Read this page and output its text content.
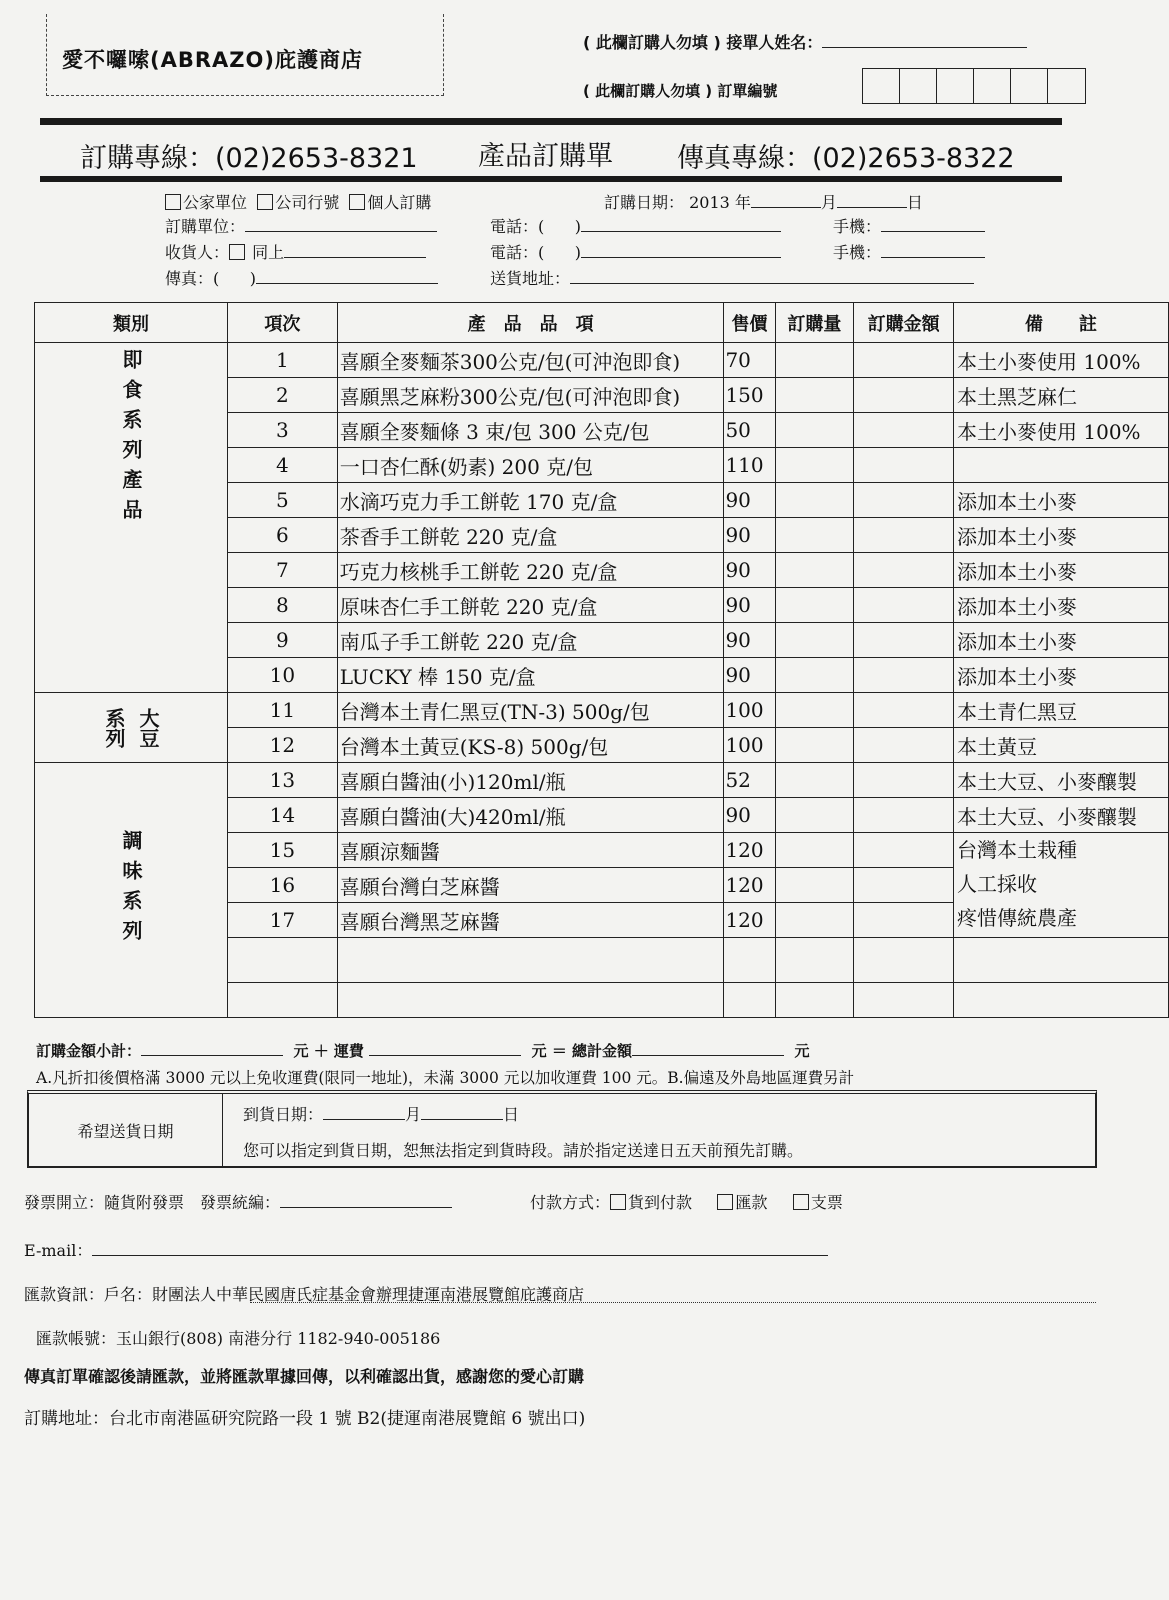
愛不囉嗦(ABRAZO)庇護商店
( 此欄訂購人勿填 ) 接單人姓名：
( 此欄訂購人勿填 ) 訂單編號
訂購專線：(02)2653-8321 產品訂購單 傳真專線：(02)2653-8322
公家單位 公司行號 個人訂購	訂購日期： 2013 年	月	日
訂購單位：	電話：( )	手機：
收貨人： 同上	電話：( )	手機：
傳真：( )	送貨地址：
類別	項次	產　品　品　項	售價	訂購量	訂購金額	備　　註

即食系列產品	1	喜願全麥麵茶300公克/包(可沖泡即食)	70			本土小麥使用 100%
	2	喜願黑芝麻粉300公克/包(可沖泡即食)	150			本土黑芝麻仁
	3	喜願全麥麵條 3 束/包 300 公克/包	50			本土小麥使用 100%
	4	一口杏仁酥(奶素) 200 克/包	110			
	5	水滴巧克力手工餅乾 170 克/盒	90			添加本土小麥
	6	茶香手工餅乾 220 克/盒	90			添加本土小麥
	7	巧克力核桃手工餅乾 220 克/盒	90			添加本土小麥
	8	原味杏仁手工餅乾 220 克/盒	90			添加本土小麥
	9	南瓜子手工餅乾 220 克/盒	90			添加本土小麥
	10	LUCKY 棒 150 克/盒	90			添加本土小麥

系列 大豆	11	台灣本土青仁黑豆(TN-3) 500g/包	100			本土青仁黑豆
	12	台灣本土黃豆(KS-8) 500g/包	100			本土黃豆

調味系列	13	喜願白醬油(小)120ml/瓶	52			本土大豆、小麥釀製
	14	喜願白醬油(大)420ml/瓶	90			本土大豆、小麥釀製
	15	喜願涼麵醬	120			台灣本土栽種
人工採收
疼惜傳統農產

	16	喜願台灣白芝麻醬	120			
	17	喜願台灣黑芝麻醬	120			

訂購金額小計：	元 ＋ 運費	元 ＝ 總計金額	元
A.凡折扣後價格滿 3000 元以上免收運費(限同一地址)，未滿 3000 元以加收運費 100 元。B.偏遠及外島地區運費另計
希望送貨日期
到貨日期：	月	日
您可以指定到貨日期，恕無法指定到貨時段。請於指定送達日五天前預先訂購。
發票開立：隨貨附發票　發票統編：	付款方式： 貨到付款	匯款	支票
E-mail：
匯款資訊：戶名：財團法人中華民國唐氏症基金會辦理捷運南港展覽館庇護商店
匯款帳號：玉山銀行(808) 南港分行 1182-940-005186
傳真訂單確認後請匯款，並將匯款單據回傳，以利確認出貨，感謝您的愛心訂購
訂購地址：台北市南港區研究院路一段 1 號 B2(捷運南港展覽館 6 號出口)
